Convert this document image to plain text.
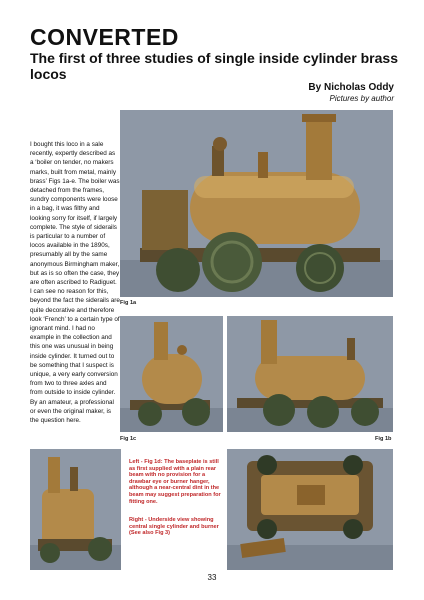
CONVERTED
The first of three studies of single inside cylinder brass locos
By Nicholas Oddy
Pictures by author

I bought this loco in a sale recently, expertly described as a ‘boiler on tender, no makers marks, built from metal, mainly brass’ Figs 1a-e. The boiler was detached from the frames, sundry components were loose in a bag, it was filthy and looking sorry for itself, if largely complete. The style of siderails is particular to a number of locos available in the 1890s, presumably all by the same anonymous Birmingham maker, but as is so often the case, they are often ascribed to Radiguet. I can see no reason for this, beyond the fact the siderails are quite decorative and therefore look ‘French’ to a certain type of ignorant mind. I had no example in the collection and this one was unusual in being inside cylinder. It turned out to be something that I suspect is unique, a very early conversion from two to three axles and from outside to inside cylinder. By an amateur, a professional or even the original maker, is the question here.

Fig 1a
Fig 1c	Fig 1b

Left - Fig 1d: The baseplate is still as first supplied with a plain rear beam with no provision for a drawbar eye or burner hanger, although a near-central dint in the beam may suggest preparation for fitting one.

Right - Underside view showing central single cylinder and burner (See also Fig 3)

33
